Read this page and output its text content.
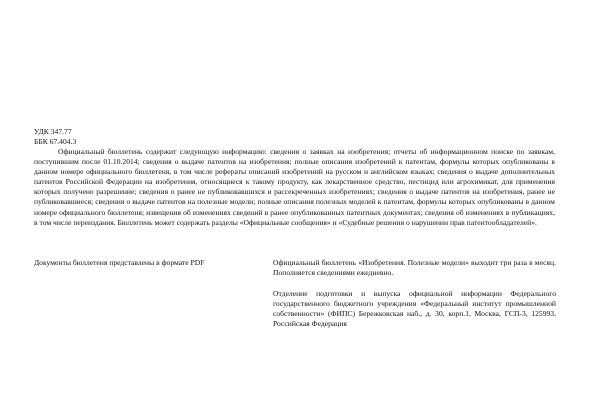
УДК 347.77
ББК 67.404.3

Официальный бюллетень содержит следующую информацию: сведения о заявках на изобретения; отчеты об информационном поиске по заявкам, поступившим после 01.10.2014; сведения о выдаче патентов на изобретения; полные описания изобретений к патентам, формулы которых опубликованы в данном номере официального бюллетеня, в том числе рефераты описаний изобретений на русском и английском языках; сведения о выдаче дополнительных патентов Российской Федерации на изобретения, относящиеся к такому продукту, как лекарственное средство, пестицид или агрохимикат, для применения которых получено разрешение; сведения о ранее не публиковавшихся и рассекреченных изобретениях; сведения о выдаче патентов на изобретения, ранее не публиковавшиеся; сведения о выдаче патентов на полезные модели; полные описания полезных моделей к патентам, формулы которых опубликованы в данном номере официального бюллетеня; извещения об изменениях сведений в ранее опубликованных патентных документах; сведения об изменениях в публикациях, в том числе переиздания. Бюллетень может содержать разделы «Официальные сообщения» и «Судебные решения о нарушении прав патентообладателей».

Документы бюллетеня представлены в формате PDF	Официальный бюллетень «Изобретения. Полезные модели» выходит три раза в месяц. Пополняется сведениями ежедневно.

Отделение подготовки и выпуска официальной информации Федерального государственного бюджетного учреждения «Федеральный институт промышленной собственности» (ФИПС) Бережковская наб., д. 30, корп.1, Москва, ГСП-3, 125993, Российская Федерация
